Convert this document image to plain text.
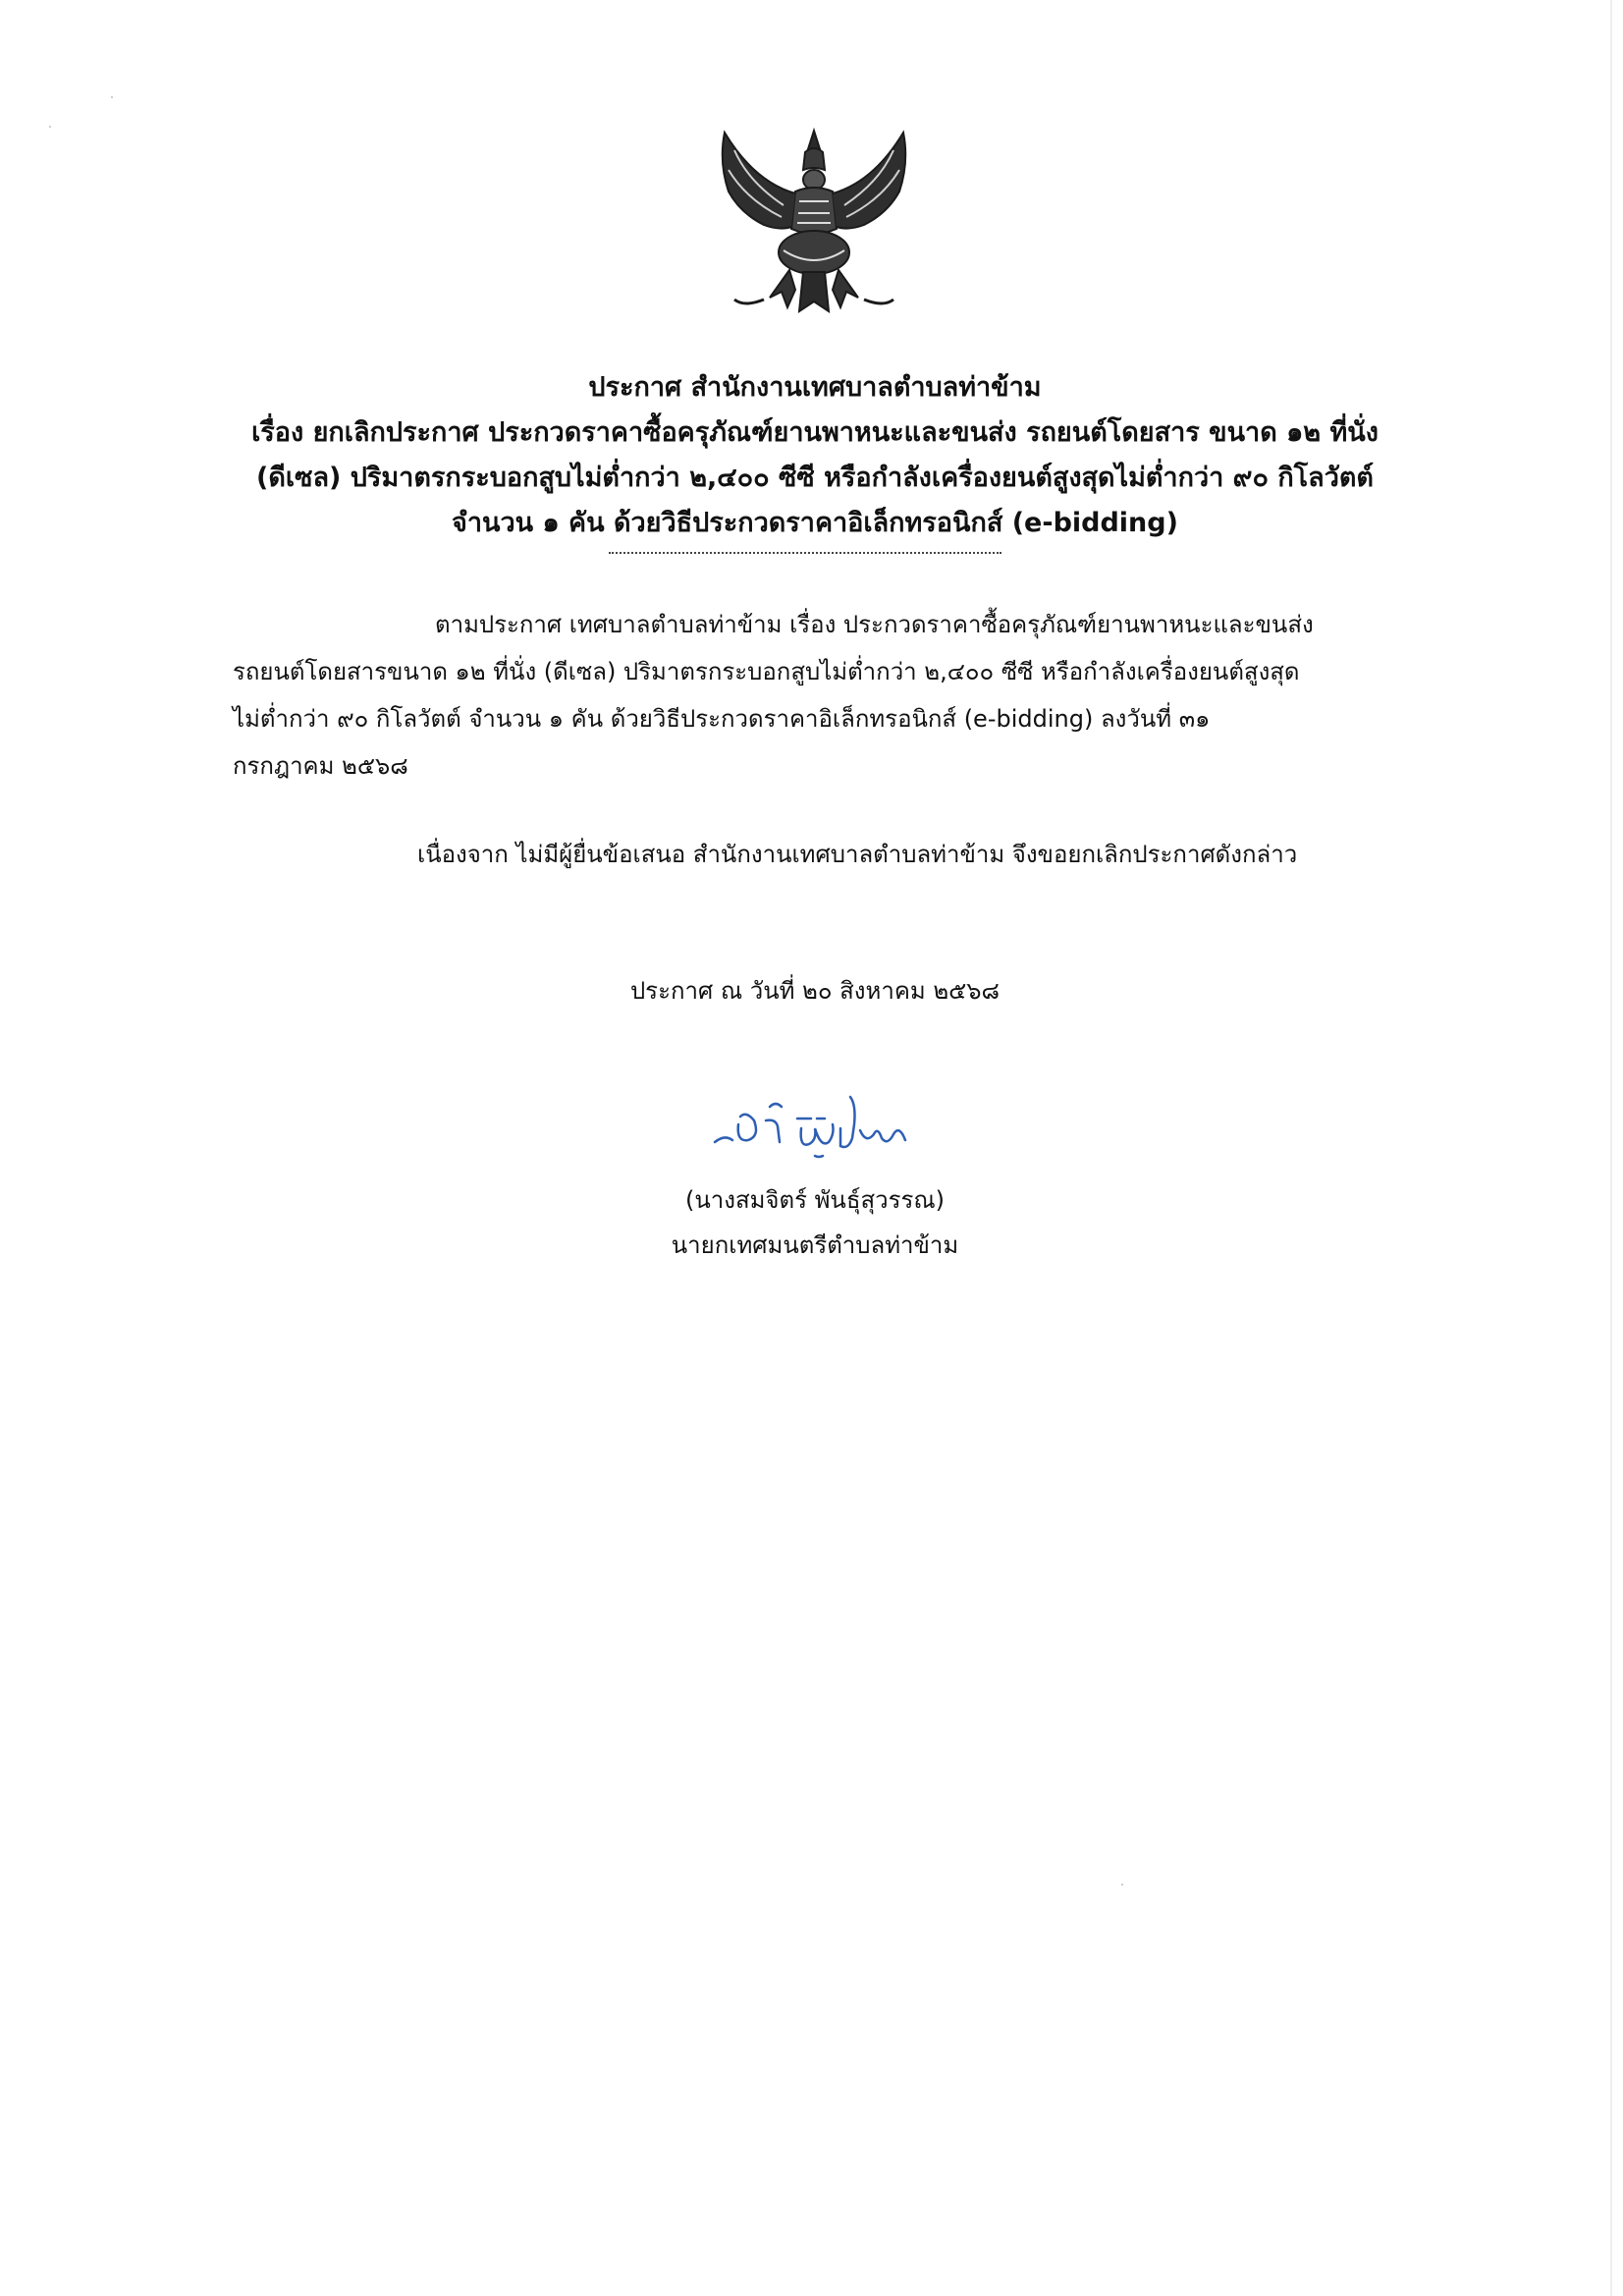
ประกาศ สำนักงานเทศบาลตำบลท่าข้าม
เรื่อง ยกเลิกประกาศ ประกวดราคาซื้อครุภัณฑ์ยานพาหนะและขนส่ง รถยนต์โดยสาร ขนาด ๑๒ ที่นั่ง
(ดีเซล) ปริมาตรกระบอกสูบไม่ต่ำกว่า ๒,๔๐๐ ซีซี หรือกำลังเครื่องยนต์สูงสุดไม่ต่ำกว่า ๙๐ กิโลวัตต์
จำนวน ๑ คัน ด้วยวิธีประกวดราคาอิเล็กทรอนิกส์ (e-bidding)
ตามประกาศ เทศบาลตำบลท่าข้าม เรื่อง ประกวดราคาซื้อครุภัณฑ์ยานพาหนะและขนส่ง
รถยนต์โดยสารขนาด ๑๒ ที่นั่ง (ดีเซล) ปริมาตรกระบอกสูบไม่ต่ำกว่า ๒,๔๐๐ ซีซี หรือกำลังเครื่องยนต์สูงสุด
ไม่ต่ำกว่า ๙๐ กิโลวัตต์ จำนวน ๑ คัน ด้วยวิธีประกวดราคาอิเล็กทรอนิกส์ (e-bidding) ลงวันที่ ๓๑
กรกฎาคม ๒๕๖๘
เนื่องจาก ไม่มีผู้ยื่นข้อเสนอ สำนักงานเทศบาลตำบลท่าข้าม จึงขอยกเลิกประกาศดังกล่าว
ประกาศ ณ วันที่ ๒๐ สิงหาคม ๒๕๖๘
(นางสมจิตร์ พันธุ์สุวรรณ)
นายกเทศมนตรีตำบลท่าข้าม
